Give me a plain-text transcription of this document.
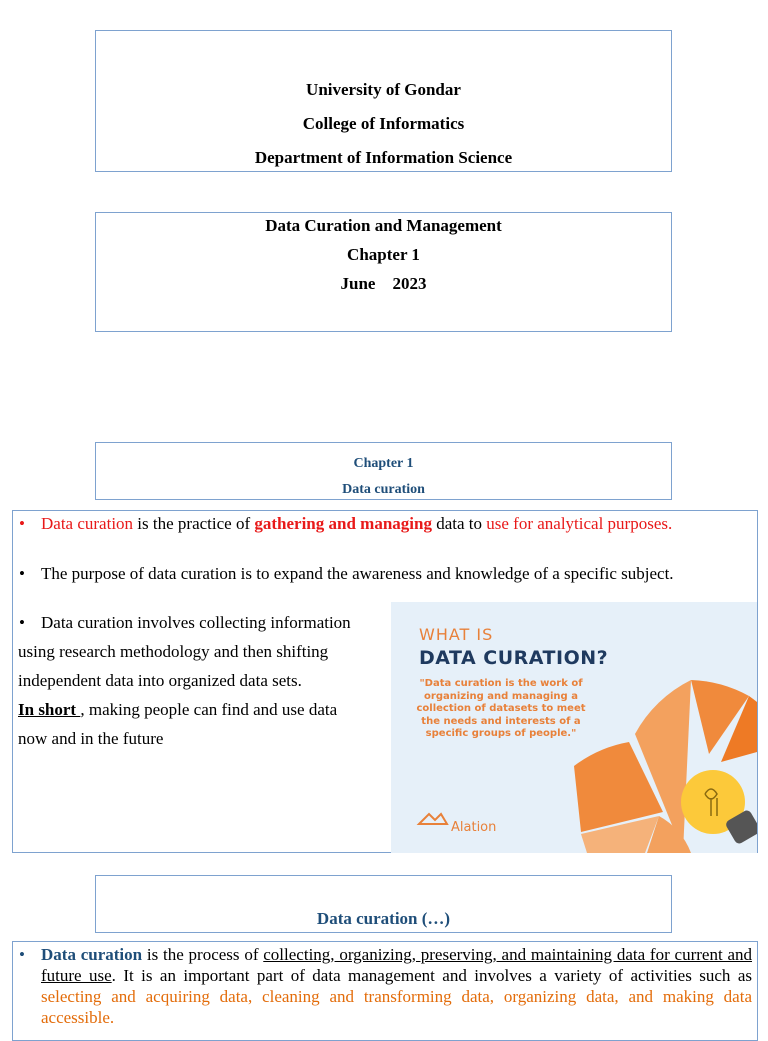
University of Gondar

College of Informatics

Department of Information Science

Data Curation and Management

Chapter 1

June    2023

Chapter 1

Data curation

• Data curation is the practice of gathering and managing data to use for analytical purposes.
• The purpose of data curation is to expand the awareness and knowledge of a specific subject.
• Data curation involves collecting information
using research methodology and then shifting
independent data into organized data sets.
In short , making people can find and use data
now and in the future
WHAT IS
DATA CURATION?
"Data curation is the work of
organizing and managing a
collection of datasets to meet
the needs and interests of a
specific groups of people."
Alation

Data curation (…)

• Data curation is the process of collecting, organizing, preserving, and maintaining data for current and future use. It is an important part of data management and involves a variety of activities such as selecting and acquiring data, cleaning and transforming data, organizing data, and making data accessible.
